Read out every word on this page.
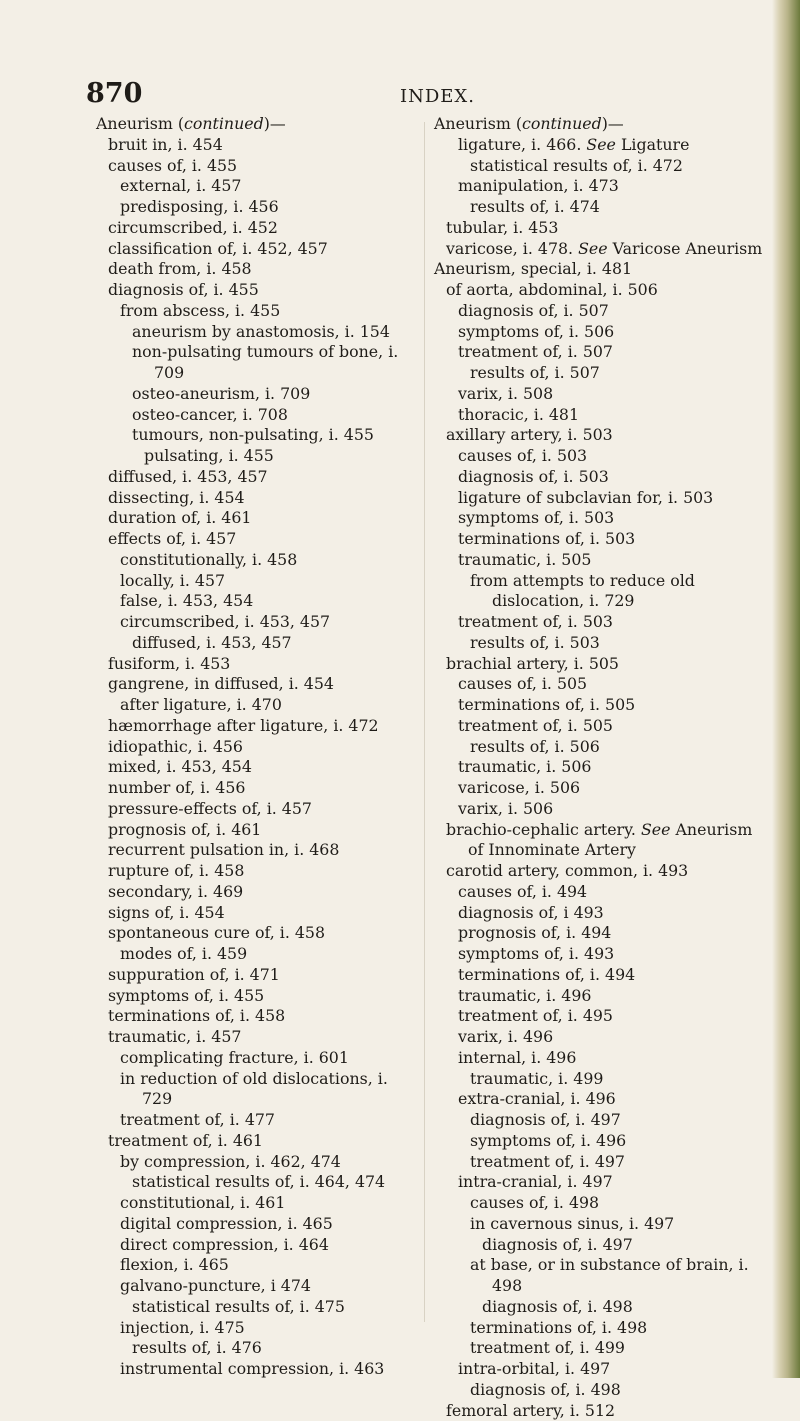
870	INDEX.
Aneurism (continued)—
bruit in, i. 454
causes of, i. 455
external, i. 457
predisposing, i. 456
circumscribed, i. 452
classification of, i. 452, 457
death from, i. 458
diagnosis of, i. 455
from abscess, i. 455
aneurism by anastomosis, i. 154
non-pulsating tumours of bone, i. 709
osteo-aneurism, i. 709
osteo-cancer, i. 708
tumours, non-pulsating, i. 455
pulsating, i. 455
diffused, i. 453, 457
dissecting, i. 454
duration of, i. 461
effects of, i. 457
constitutionally, i. 458
locally, i. 457
false, i. 453, 454
circumscribed, i. 453, 457
diffused, i. 453, 457
fusiform, i. 453
gangrene, in diffused, i. 454
after ligature, i. 470
hæmorrhage after ligature, i. 472
idiopathic, i. 456
mixed, i. 453, 454
number of, i. 456
pressure-effects of, i. 457
prognosis of, i. 461
recurrent pulsation in, i. 468
rupture of, i. 458
secondary, i. 469
signs of, i. 454
spontaneous cure of, i. 458
modes of, i. 459
suppuration of, i. 471
symptoms of, i. 455
terminations of, i. 458
traumatic, i. 457
complicating fracture, i. 601
in reduction of old dislocations, i. 729
treatment of, i. 477
treatment of, i. 461
by compression, i. 462, 474
statistical results of, i. 464, 474
constitutional, i. 461
digital compression, i. 465
direct compression, i. 464
flexion, i. 465
galvano-puncture, i 474
statistical results of, i. 475
injection, i. 475
results of, i. 476
instrumental compression, i. 463
Aneurism (continued)—
ligature, i. 466. See Ligature
statistical results of, i. 472
manipulation, i. 473
results of, i. 474
tubular, i. 453
varicose, i. 478. See Varicose Aneurism
Aneurism, special, i. 481
of aorta, abdominal, i. 506
diagnosis of, i. 507
symptoms of, i. 506
treatment of, i. 507
results of, i. 507
varix, i. 508
thoracic, i. 481
axillary artery, i. 503
causes of, i. 503
diagnosis of, i. 503
ligature of subclavian for, i. 503
symptoms of, i. 503
terminations of, i. 503
traumatic, i. 505
from attempts to reduce old dislocation, i. 729
treatment of, i. 503
results of, i. 503
brachial artery, i. 505
causes of, i. 505
terminations of, i. 505
treatment of, i. 505
results of, i. 506
traumatic, i. 506
varicose, i. 506
varix, i. 506
brachio-cephalic artery. See Aneurism of Innominate Artery
carotid artery, common, i. 493
causes of, i. 494
diagnosis of, i 493
prognosis of, i. 494
symptoms of, i. 493
terminations of, i. 494
traumatic, i. 496
treatment of, i. 495
varix, i. 496
internal, i. 496
traumatic, i. 499
extra-cranial, i. 496
diagnosis of, i. 497
symptoms of, i. 496
treatment of, i. 497
intra-cranial, i. 497
causes of, i. 498
in cavernous sinus, i. 497
diagnosis of, i. 497
at base, or in substance of brain, i. 498
diagnosis of, i. 498
terminations of, i. 498
treatment of, i. 499
intra-orbital, i. 497
diagnosis of, i. 498
femoral artery, i. 512
